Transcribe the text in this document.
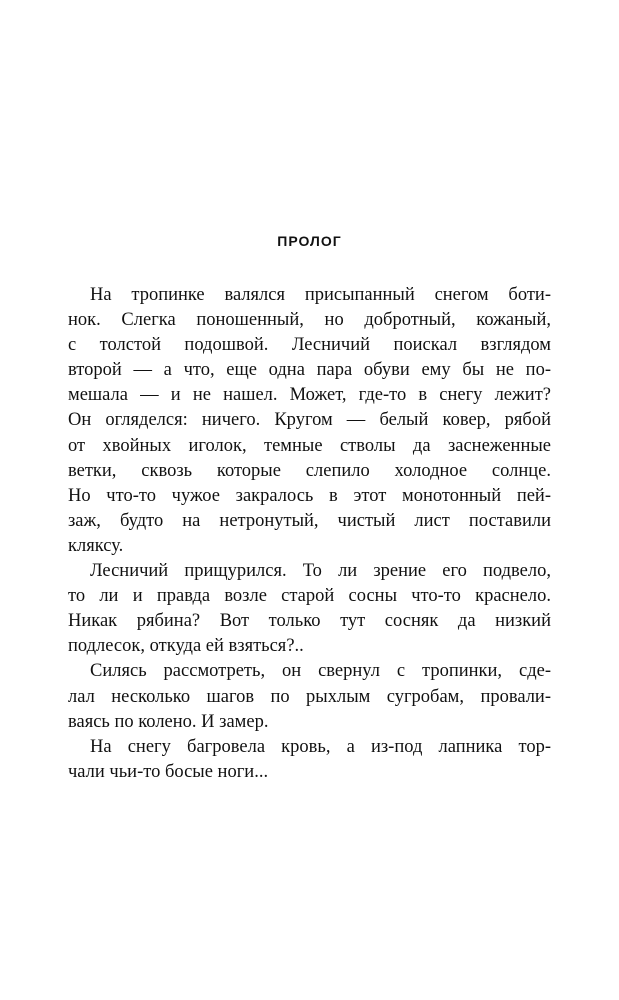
ПРОЛОГ
На тропинке валялся присыпанный снегом боти-
нок. Слегка поношенный, но добротный, кожаный,
с толстой подошвой. Лесничий поискал взглядом
второй — а что, еще одна пара обуви ему бы не по-
мешала — и не нашел. Может, где-то в снегу лежит?
Он огляделся: ничего. Кругом — белый ковер, рябой
от хвойных иголок, темные стволы да заснеженные
ветки, сквозь которые слепило холодное солнце.
Но что-то чужое закралось в этот монотонный пей-
заж, будто на нетронутый, чистый лист поставили
кляксу.
Лесничий прищурился. То ли зрение его подвело,
то ли и правда возле старой сосны что-то краснело.
Никак рябина? Вот только тут сосняк да низкий
подлесок, откуда ей взяться?..
Силясь рассмотреть, он свернул с тропинки, сде-
лал несколько шагов по рыхлым сугробам, провали-
ваясь по колено. И замер.
На снегу багровела кровь, а из-под лапника тор-
чали чьи-то босые ноги...
